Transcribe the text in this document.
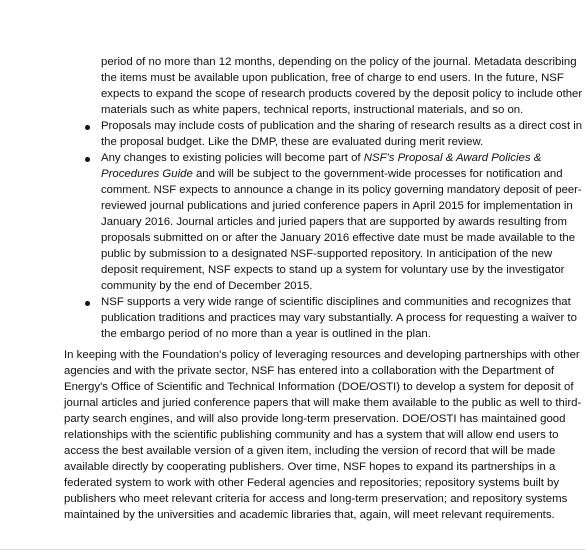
period of no more than 12 months, depending on the policy of the journal. Metadata describing
the items must be available upon publication, free of charge to end users. In the future, NSF
expects to expand the scope of research products covered by the deposit policy to include other
materials such as white papers, technical reports, instructional materials, and so on.
Proposals may include costs of publication and the sharing of research results as a direct cost in
the proposal budget. Like the DMP, these are evaluated during merit review.
Any changes to existing policies will become part of NSF's Proposal & Award Policies &
Procedures Guide and will be subject to the government-wide processes for notification and
comment. NSF expects to announce a change in its policy governing mandatory deposit of peer-
reviewed journal publications and juried conference papers in April 2015 for implementation in
January 2016. Journal articles and juried papers that are supported by awards resulting from
proposals submitted on or after the January 2016 effective date must be made available to the
public by submission to a designated NSF-supported repository. In anticipation of the new
deposit requirement, NSF expects to stand up a system for voluntary use by the investigator
community by the end of December 2015.
NSF supports a very wide range of scientific disciplines and communities and recognizes that
publication traditions and practices may vary substantially. A process for requesting a waiver to
the embargo period of no more than a year is outlined in the plan.
In keeping with the Foundation's policy of leveraging resources and developing partnerships with other
agencies and with the private sector, NSF has entered into a collaboration with the Department of
Energy's Office of Scientific and Technical Information (DOE/OSTI) to develop a system for deposit of
journal articles and juried conference papers that will make them available to the public as well to third-
party search engines, and will also provide long-term preservation. DOE/OSTI has maintained good
relationships with the scientific publishing community and has a system that will allow end users to
access the best available version of a given item, including the version of record that will be made
available directly by cooperating publishers. Over time, NSF hopes to expand its partnerships in a
federated system to work with other Federal agencies and repositories; repository systems built by
publishers who meet relevant criteria for access and long-term preservation; and repository systems
maintained by the universities and academic libraries that, again, will meet relevant requirements.
